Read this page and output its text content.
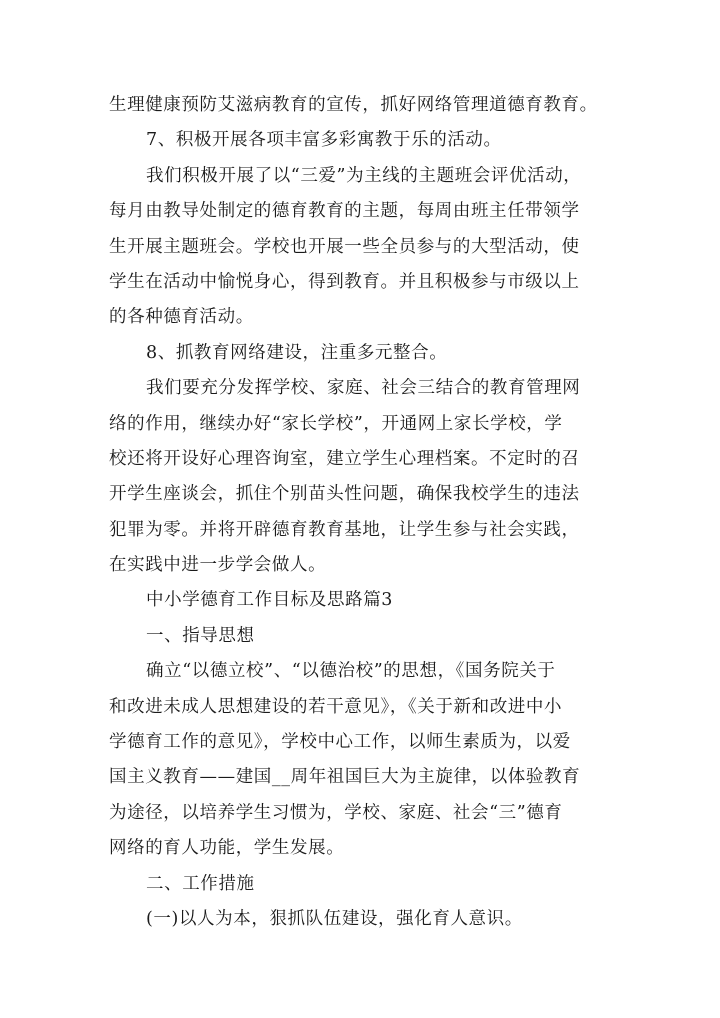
生理健康预防艾滋病教育的宣传，抓好网络管理道德育教育。
7、积极开展各项丰富多彩寓教于乐的活动。
我们积极开展了以“三爱”为主线的主题班会评优活动，
每月由教导处制定的德育教育的主题，每周由班主任带领学
生开展主题班会。学校也开展一些全员参与的大型活动，使
学生在活动中愉悦身心，得到教育。并且积极参与市级以上
的各种德育活动。
8、抓教育网络建设，注重多元整合。
我们要充分发挥学校、家庭、社会三结合的教育管理网
络的作用，继续办好“家长学校”，开通网上家长学校，学
校还将开设好心理咨询室，建立学生心理档案。不定时的召
开学生座谈会，抓住个别苗头性问题，确保我校学生的违法
犯罪为零。并将开辟德育教育基地，让学生参与社会实践，
在实践中进一步学会做人。
中小学德育工作目标及思路篇3
一、指导思想
确立“以德立校”、“以德治校”的思想，《国务院关于
和改进未成人思想建设的若干意见》，《关于新和改进中小
学德育工作的意见》，学校中心工作，以师生素质为，以爱
国主义教育——建国__周年祖国巨大为主旋律，以体验教育
为途径，以培养学生习惯为，学校、家庭、社会“三”德育
网络的育人功能，学生发展。
二、工作措施
(一)以人为本，狠抓队伍建设，强化育人意识。
